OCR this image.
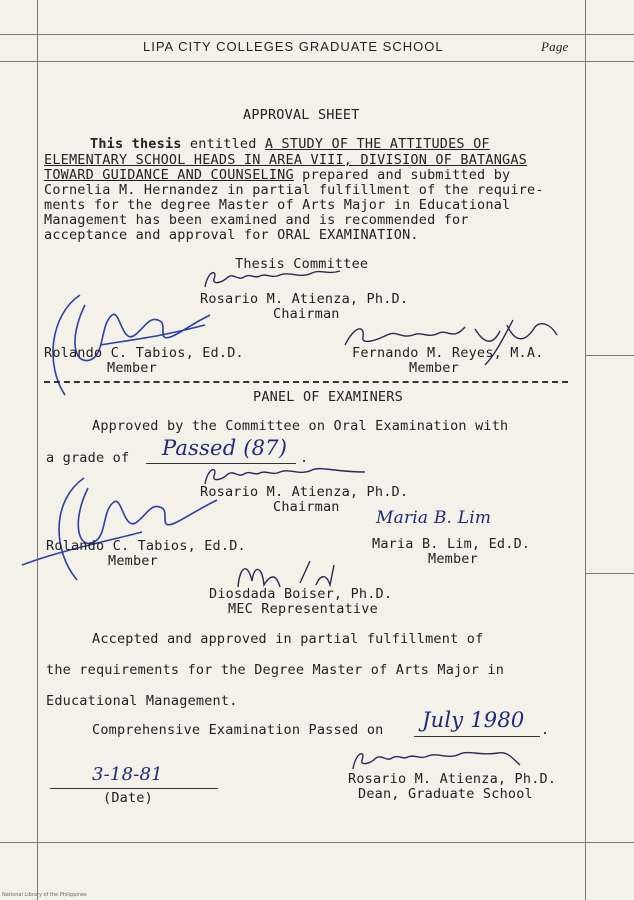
LIPA CITY COLLEGES GRADUATE SCHOOL	Page
APPROVAL SHEET
This thesis entitled A STUDY OF THE ATTITUDES OF
ELEMENTARY SCHOOL HEADS IN AREA VIII, DIVISION OF BATANGAS
TOWARD GUIDANCE AND COUNSELING prepared and submitted by
Cornelia M. Hernandez in partial fulfillment of the require-
ments for the degree Master of Arts Major in Educational
Management has been examined and is recommended for
acceptance and approval for ORAL EXAMINATION.
Thesis Committee
Rosario M. Atienza, Ph.D.
Chairman
Rolando C. Tabios, Ed.D.
Member
Fernando M. Reyes, M.A.
Member
PANEL OF EXAMINERS
Approved by the Committee on Oral Examination with
a grade of Passed (87) .
Rosario M. Atienza, Ph.D.
Chairman
Rolando C. Tabios, Ed.D.
Member
Maria B. Lim
Maria B. Lim, Ed.D.
Member
Diosdada Boiser, Ph.D.
MEC Representative
Accepted and approved in partial fulfillment of
the requirements for the Degree Master of Arts Major in
Educational Management.
Comprehensive Examination Passed on July 1980 .
3-18-81
(Date)
Rosario M. Atienza, Ph.D.
Dean, Graduate School
National Library of the Philippines
